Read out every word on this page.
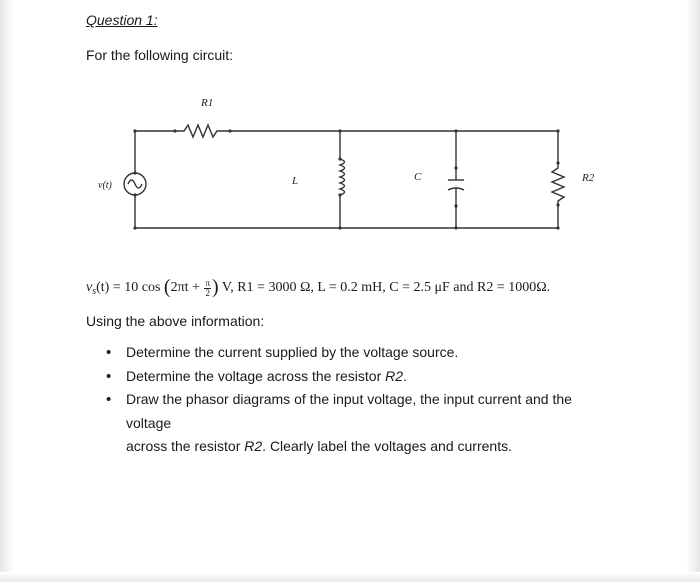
Question 1:
For the following circuit:
v(t)
R1
L	C	R2
$v_s(t) = 10$ $\cos (2\pi t + \frac{\pi}{2}$ ) V, R1 = 3000 Ω, L = 0.2 mH, C = 2.5 μF and R2 = 1000Ω.
Using the above information:
• Determine the current supplied by the voltage source.
• Determine the voltage across the resistor R2.
• Draw the phasor diagrams of the input voltage, the input current and the voltage
across the resistor R2. Clearly label the voltages and currents.
